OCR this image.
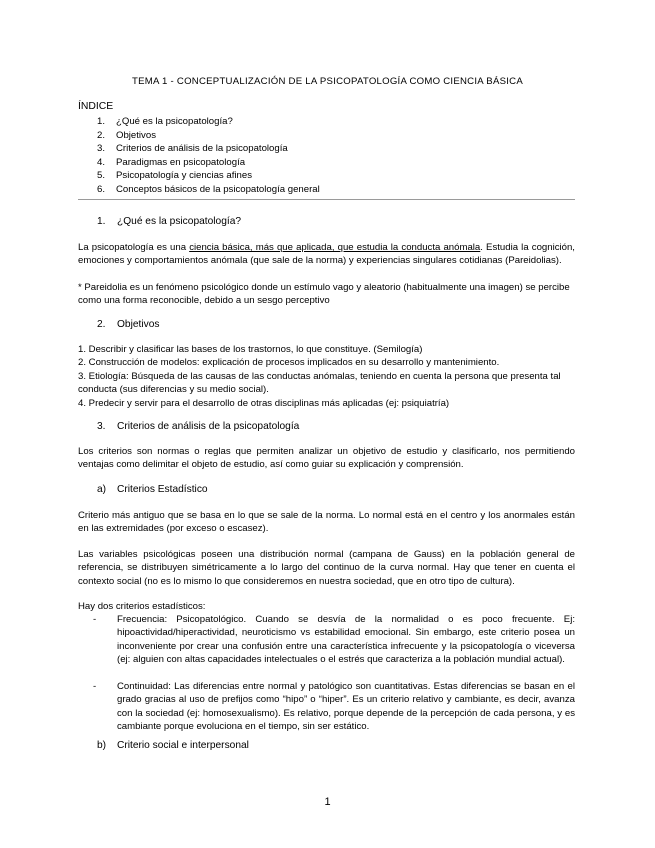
TEMA 1 - CONCEPTUALIZACIÓN DE LA PSICOPATOLOGÍA COMO CIENCIA BÁSICA
ÍNDICE
1. ¿Qué es la psicopatología?
2. Objetivos
3. Criterios de análisis de la psicopatología
4. Paradigmas en psicopatología
5. Psicopatología y ciencias afines
6. Conceptos básicos de la psicopatología general
1. ¿Qué es la psicopatología?

La psicopatología es una ciencia básica, más que aplicada, que estudia la conducta anómala. Estudia la cognición, emociones y comportamientos anómala (que sale de la norma) y experiencias singulares cotidianas (Pareidolias).

* Pareidolia es un fenómeno psicológico donde un estímulo vago y aleatorio (habitualmente una imagen) se percibe como una forma reconocible, debido a un sesgo perceptivo

2. Objetivos
1. Describir y clasificar las bases de los trastornos, lo que constituye. (Semilogía)
2. Construcción de modelos: explicación de procesos implicados en su desarrollo y mantenimiento.
3. Etiología: Búsqueda de las causas de las conductas anómalas, teniendo en cuenta la persona que presenta tal conducta (sus diferencias y su medio social).
4. Predecir y servir para el desarrollo de otras disciplinas más aplicadas (ej: psiquiatría)
3. Criterios de análisis de la psicopatología

Los criterios son normas o reglas que permiten analizar un objetivo de estudio y clasificarlo, nos permitiendo ventajas como delimitar el objeto de estudio, así como guiar su explicación y comprensión.

a) Criterios Estadístico

Criterio más antiguo que se basa en lo que se sale de la norma. Lo normal está en el centro y los anormales están en las extremidades (por exceso o escasez).

Las variables psicológicas poseen una distribución normal (campana de Gauss) en la población general de referencia, se distribuyen simétricamente a lo largo del continuo de la curva normal. Hay que tener en cuenta el contexto social (no es lo mismo lo que consideremos en nuestra sociedad, que en otro tipo de cultura).

Hay dos criterios estadísticos:

- Frecuencia: Psicopatológico. Cuando se desvía de la normalidad o es poco frecuente. Ej: hipoactividad/hiperactividad, neuroticismo vs estabilidad emocional. Sin embargo, este criterio posea un inconveniente por crear una confusión entre una característica infrecuente y la psicopatología o viceversa (ej: alguien con altas capacidades intelectuales o el estrés que caracteriza a la población mundial actual).
- Continuidad: Las diferencias entre normal y patológico son cuantitativas. Estas diferencias se basan en el grado gracias al uso de prefijos como “hipo” o “hiper”. Es un criterio relativo y cambiante, es decir, avanza con la sociedad (ej: homosexualismo). Es relativo, porque depende de la percepción de cada persona, y es cambiante porque evoluciona en el tiempo, sin ser estático.
b) Criterio social e interpersonal
1
